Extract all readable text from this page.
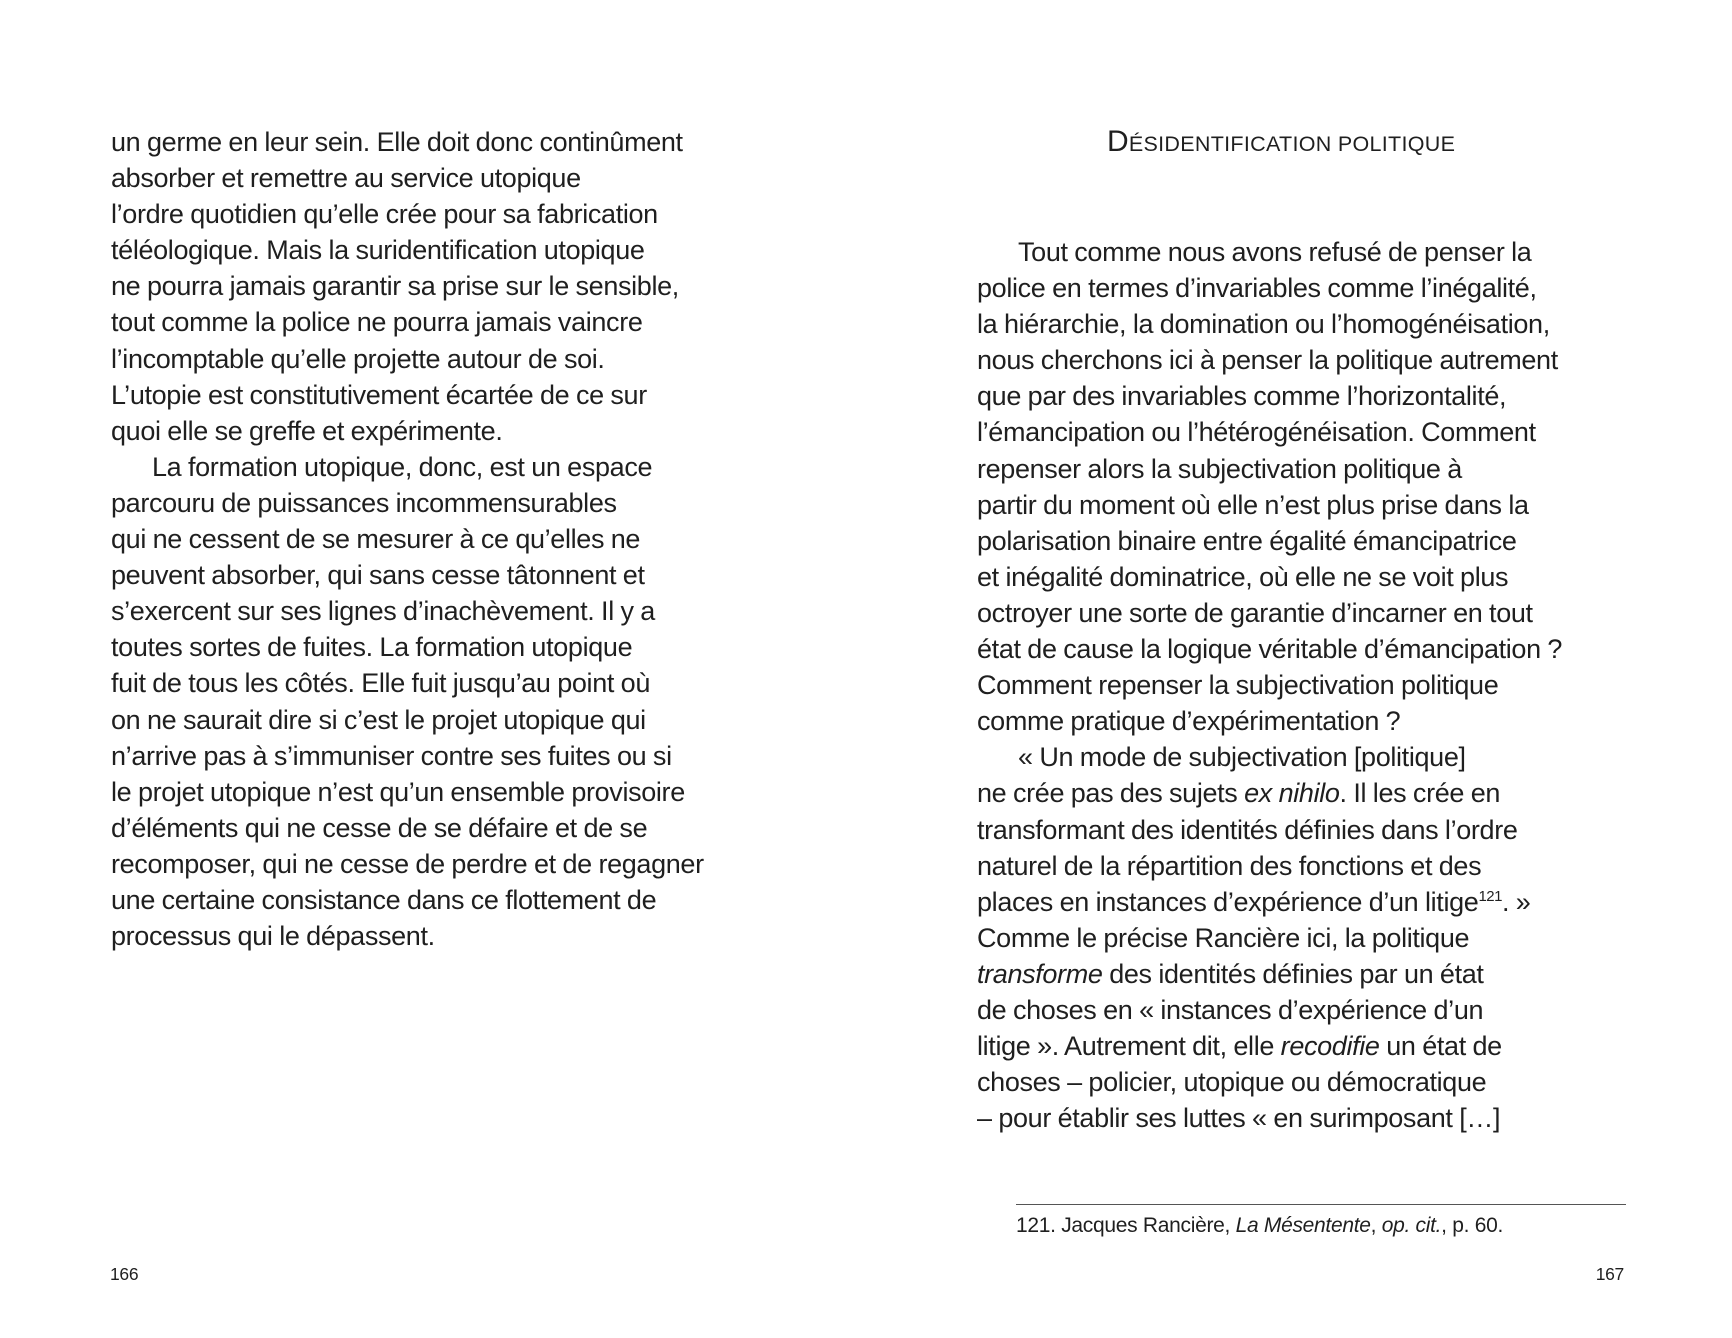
un germe en leur sein. Elle doit donc continûment
absorber et remettre au service utopique
l’ordre quotidien qu’elle crée pour sa fabrication
téléologique. Mais la suridentification utopique
ne pourra jamais garantir sa prise sur le sensible,
tout comme la police ne pourra jamais vaincre
l’incomptable qu’elle projette autour de soi.
L’utopie est constitutivement écartée de ce sur
quoi elle se greffe et expérimente.
La formation utopique, donc, est un espace
parcouru de puissances incommensurables
qui ne cessent de se mesurer à ce qu’elles ne
peuvent absorber, qui sans cesse tâtonnent et
s’exercent sur ses lignes d’inachèvement. Il y a
toutes sortes de fuites. La formation utopique
fuit de tous les côtés. Elle fuit jusqu’au point où
on ne saurait dire si c’est le projet utopique qui
n’arrive pas à s’immuniser contre ses fuites ou si
le projet utopique n’est qu’un ensemble provisoire
d’éléments qui ne cesse de se défaire et de se
recomposer, qui ne cesse de perdre et de regagner
une certaine consistance dans ce flottement de
processus qui le dépassent.
166
DÉSIDENTIFICATION POLITIQUE
Tout comme nous avons refusé de penser la
police en termes d’invariables comme l’inégalité,
la hiérarchie, la domination ou l’homogénéisation,
nous cherchons ici à penser la politique autrement
que par des invariables comme l’horizontalité,
l’émancipation ou l’hétérogénéisation. Comment
repenser alors la subjectivation politique à
partir du moment où elle n’est plus prise dans la
polarisation binaire entre égalité émancipatrice
et inégalité dominatrice, où elle ne se voit plus
octroyer une sorte de garantie d’incarner en tout
état de cause la logique véritable d’émancipation ?
Comment repenser la subjectivation politique
comme pratique d’expérimentation ?
« Un mode de subjectivation [politique]
ne crée pas des sujets ex nihilo. Il les crée en
transformant des identités définies dans l’ordre
naturel de la répartition des fonctions et des
places en instances d’expérience d’un litige$^{121}$. »
Comme le précise Rancière ici, la politique
transforme des identités définies par un état
de choses en « instances d’expérience d’un
litige ». Autrement dit, elle recodifie un état de
choses – policier, utopique ou démocratique
– pour établir ses luttes « en surimposant […]
121. Jacques Rancière, La Mésentente, op. cit., p. 60.
167
